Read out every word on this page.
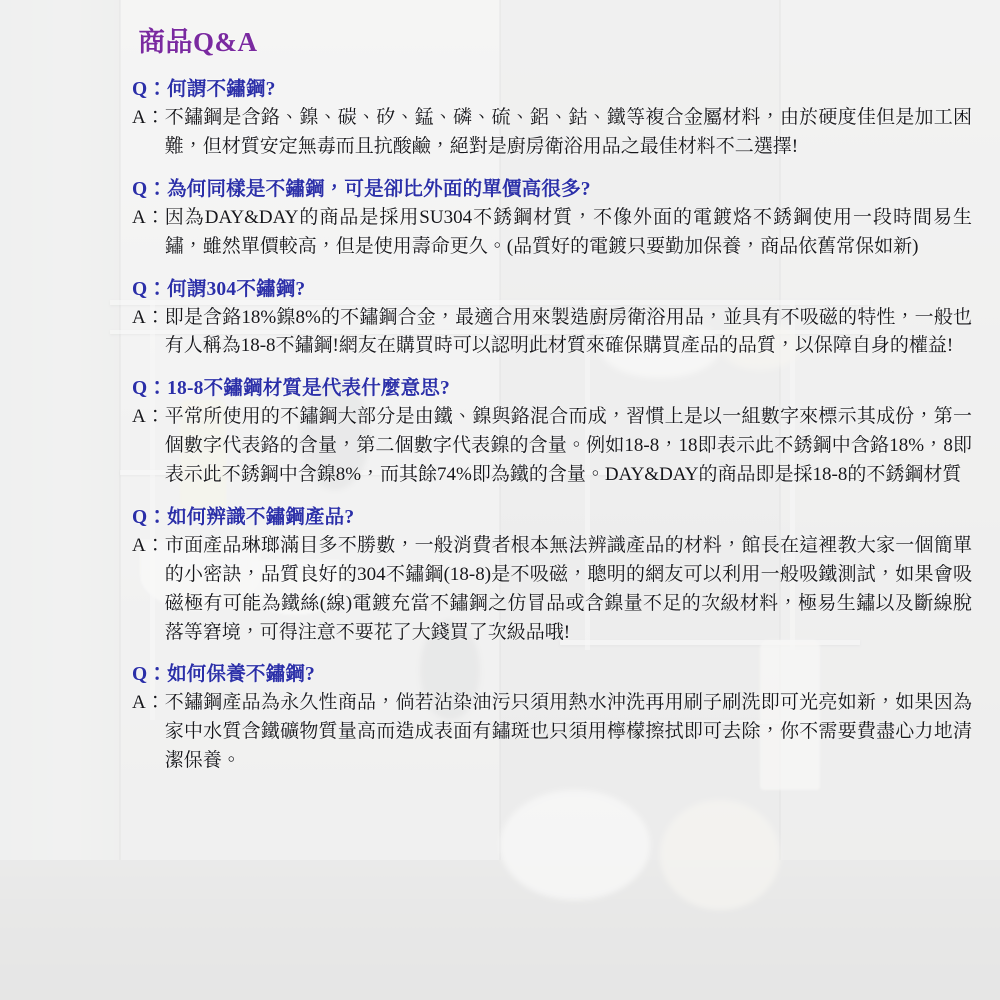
商品Q&A
Q：何謂不鏽鋼?
A： 不鏽鋼是含鉻、鎳、碳、矽、錳、磷、硫、鋁、鈷、鐵等複合金屬材料，由於硬度佳但是加工困難，但材質安定無毒而且抗酸鹼，絕對是廚房衛浴用品之最佳材料不二選擇!
Q：為何同樣是不鏽鋼，可是卻比外面的單價高很多?
A： 因為DAY&DAY的商品是採用SU304不銹鋼材質，不像外面的電鍍烙不銹鋼使用一段時間易生鏽，雖然單價較高，但是使用壽命更久。(品質好的電鍍只要勤加保養，商品依舊常保如新)
Q：何謂304不鏽鋼?
A： 即是含鉻18%鎳8%的不鏽鋼合金，最適合用來製造廚房衛浴用品，並具有不吸磁的特性，一般也有人稱為18-8不鏽鋼!網友在購買時可以認明此材質來確保購買產品的品質，以保障自身的權益!
Q：18-8不鏽鋼材質是代表什麼意思?
A： 平常所使用的不鏽鋼大部分是由鐵、鎳與鉻混合而成，習慣上是以一組數字來標示其成份，第一個數字代表鉻的含量，第二個數字代表鎳的含量。例如18-8，18即表示此不銹鋼中含鉻18%，8即表示此不銹鋼中含鎳8%，而其餘74%即為鐵的含量。DAY&DAY的商品即是採18-8的不銹鋼材質
Q：如何辨識不鏽鋼產品?
A： 市面產品琳瑯滿目多不勝數，一般消費者根本無法辨識產品的材料，館長在這裡教大家一個簡單的小密訣，品質良好的304不鏽鋼(18-8)是不吸磁，聰明的網友可以利用一般吸鐵測試，如果會吸磁極有可能為鐵絲(線)電鍍充當不鏽鋼之仿冒品或含鎳量不足的次級材料，極易生鏽以及斷線脫落等窘境，可得注意不要花了大錢買了次級品哦!
Q：如何保養不鏽鋼?
A： 不鏽鋼產品為永久性商品，倘若沾染油污只須用熱水沖洗再用刷子刷洗即可光亮如新，如果因為家中水質含鐵礦物質量高而造成表面有鏽斑也只須用檸檬擦拭即可去除，你不需要費盡心力地清潔保養。
